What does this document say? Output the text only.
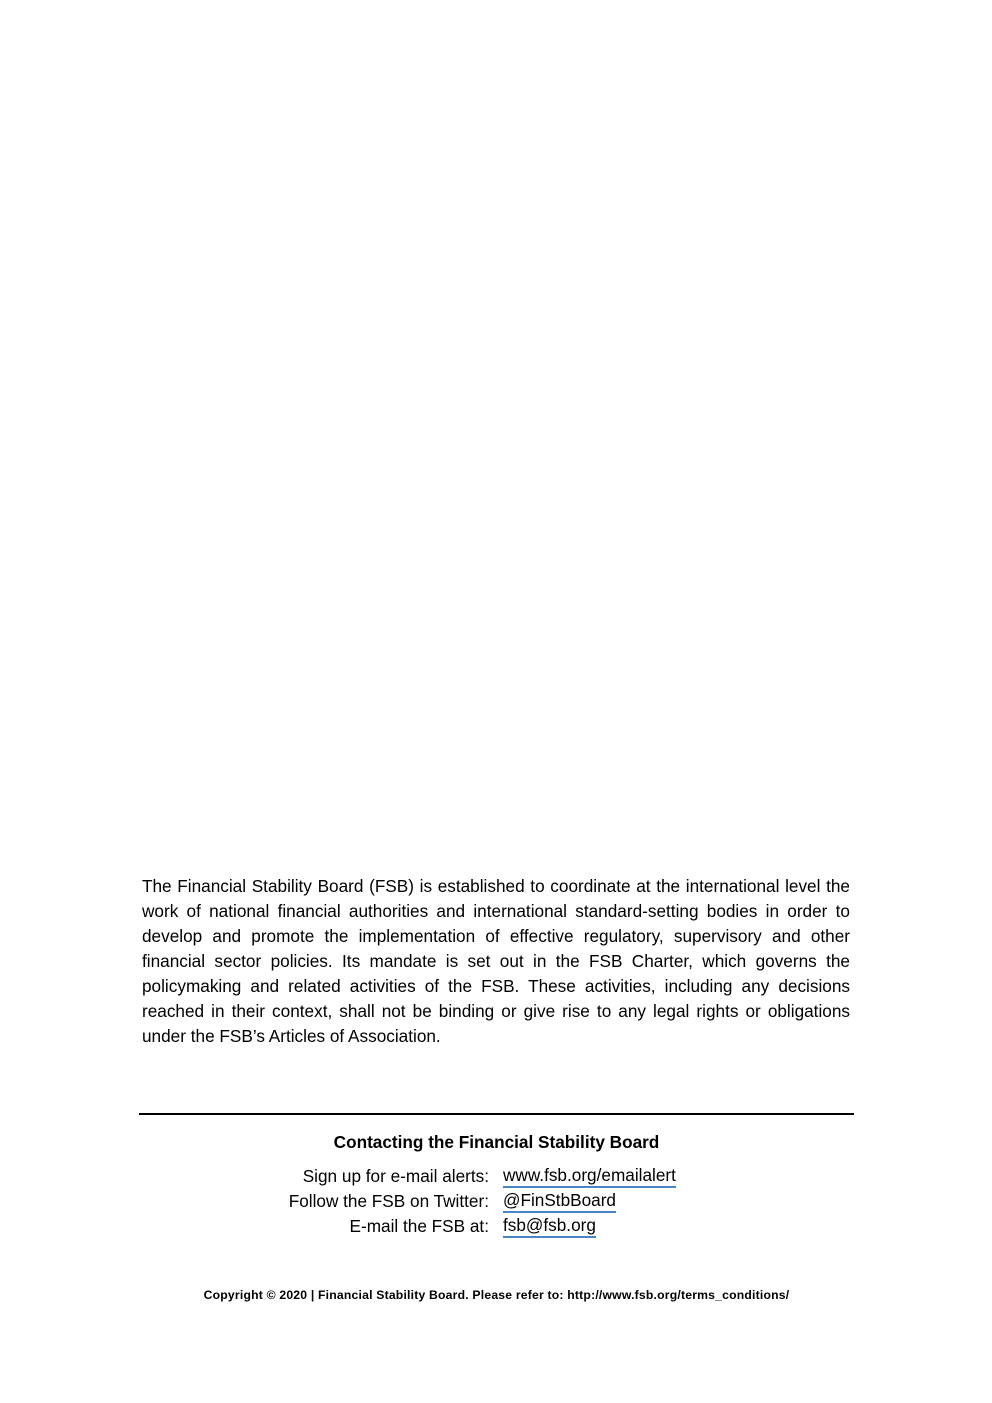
The Financial Stability Board (FSB) is established to coordinate at the international level the work of national financial authorities and international standard-setting bodies in order to develop and promote the implementation of effective regulatory, supervisory and other financial sector policies. Its mandate is set out in the FSB Charter, which governs the policymaking and related activities of the FSB. These activities, including any decisions reached in their context, shall not be binding or give rise to any legal rights or obligations under the FSB’s Articles of Association.

Contacting the Financial Stability Board
Sign up for e-mail alerts: www.fsb.org/emailalert
Follow the FSB on Twitter: @FinStbBoard
E-mail the FSB at: fsb@fsb.org

Copyright © 2020 | Financial Stability Board. Please refer to: http://www.fsb.org/terms_conditions/
